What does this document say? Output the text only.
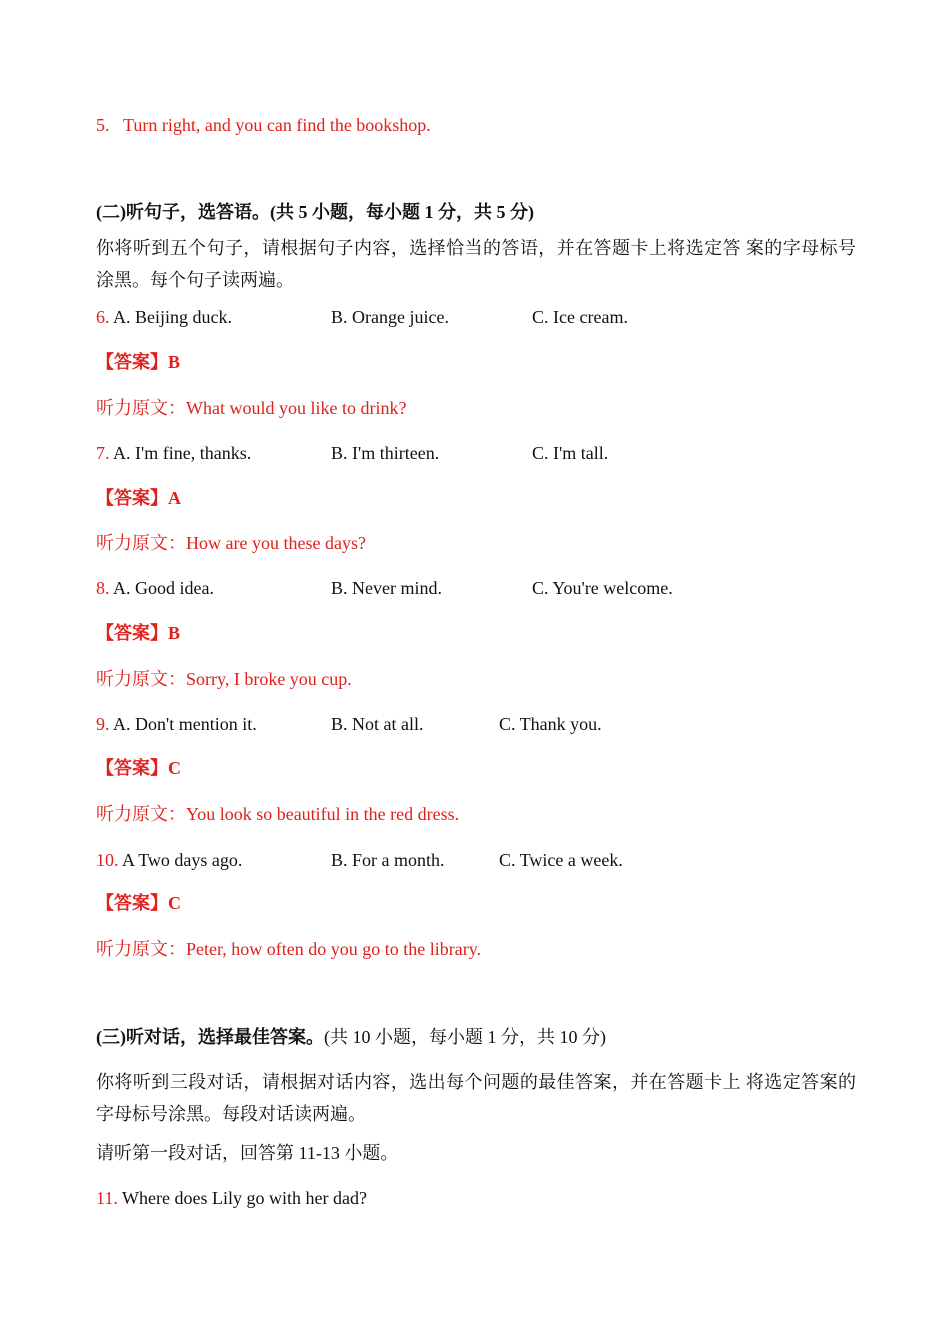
5. Turn right, and you can find the bookshop.
(二)听句子，选答语。(共 5 小题，每小题 1 分，共 5 分)
你将听到五个句子，请根据句子内容，选择恰当的答语，并在答题卡上将选定答 案的字母标号涂黑。每个句子读两遍。
6. A. Beijing duck.	B. Orange juice.	C. Ice cream.
【答案】B
听力原文：What would you like to drink?
7. A. I'm fine, thanks.	B. I'm thirteen.	C. I'm tall.
【答案】A
听力原文：How are you these days?
8. A. Good idea.	B. Never mind.	C. You're welcome.
【答案】B
听力原文：Sorry, I broke you cup.
9. A. Don't mention it.	B. Not at all.	C. Thank you.
【答案】C
听力原文：You look so beautiful in the red dress.
10. A Two days ago.	B. For a month.	C. Twice a week.
【答案】C
听力原文：Peter, how often do you go to the library.
(三)听对话，选择最佳答案。(共 10 小题，每小题 1 分，共 10 分)
你将听到三段对话，请根据对话内容，选出每个问题的最佳答案，并在答题卡上 将选定答案的字母标号涂黑。每段对话读两遍。
请听第一段对话，回答第 11-13 小题。
11. Where does Lily go with her dad?
